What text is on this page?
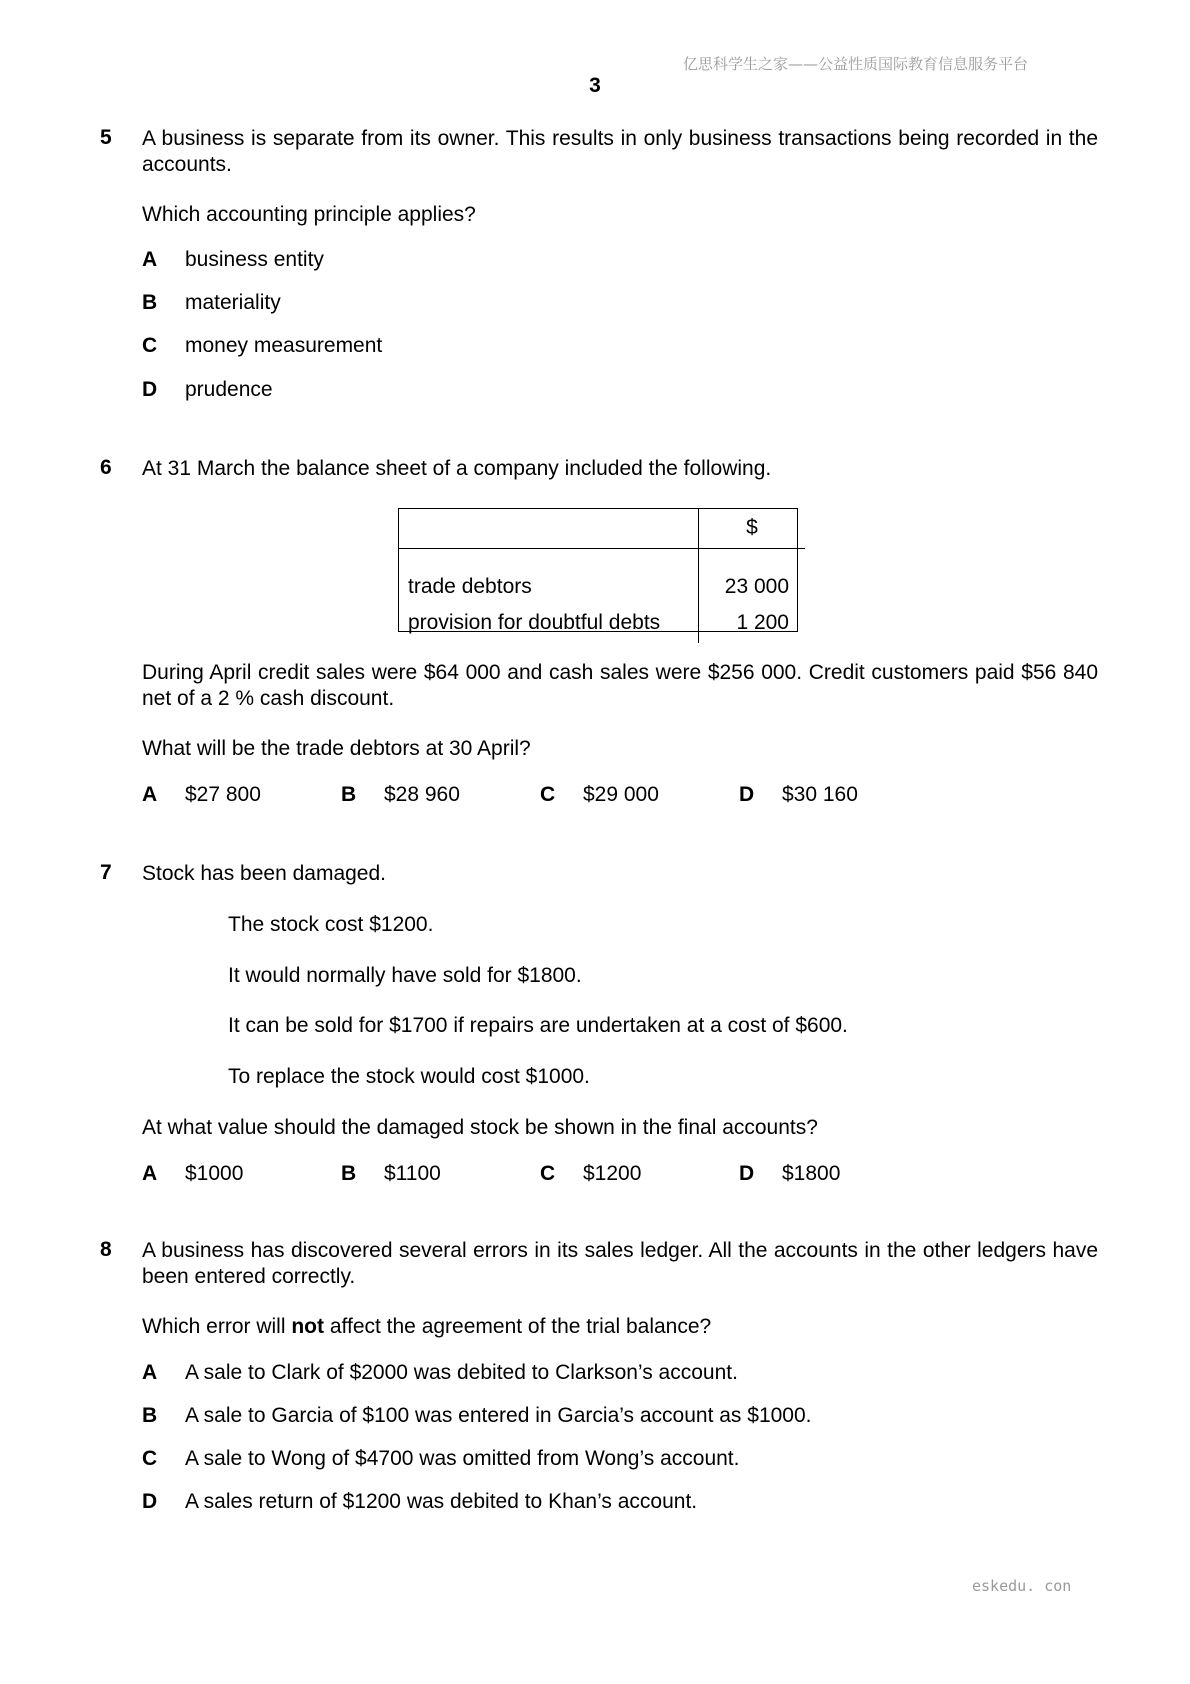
亿思科学生之家——公益性质国际教育信息服务平台
3
5 A business is separate from its owner. This results in only business transactions being recorded in the accounts.
Which accounting principle applies?
A business entity
B materiality
C money measurement
D prudence
6 At 31 March the balance sheet of a company included the following.
	$
trade debtors	23 000
provision for doubtful debts	1 200
During April credit sales were $64 000 and cash sales were $256 000. Credit customers paid $56 840 net of a 2 % cash discount.
What will be the trade debtors at 30 April?
A	$27 800	B	$28 960	C	$29 000	D	$30 160
7 Stock has been damaged.
The stock cost $1200.
It would normally have sold for $1800.
It can be sold for $1700 if repairs are undertaken at a cost of $600.
To replace the stock would cost $1000.
At what value should the damaged stock be shown in the final accounts?
A	$1000	B	$1100	C	$1200	D	$1800
8 A business has discovered several errors in its sales ledger. All the accounts in the other ledgers have been entered correctly.
Which error will not affect the agreement of the trial balance?
A A sale to Clark of $2000 was debited to Clarkson’s account.
B A sale to Garcia of $100 was entered in Garcia’s account as $1000.
C A sale to Wong of $4700 was omitted from Wong’s account.
D A sales return of $1200 was debited to Khan’s account.
eskedu. con
